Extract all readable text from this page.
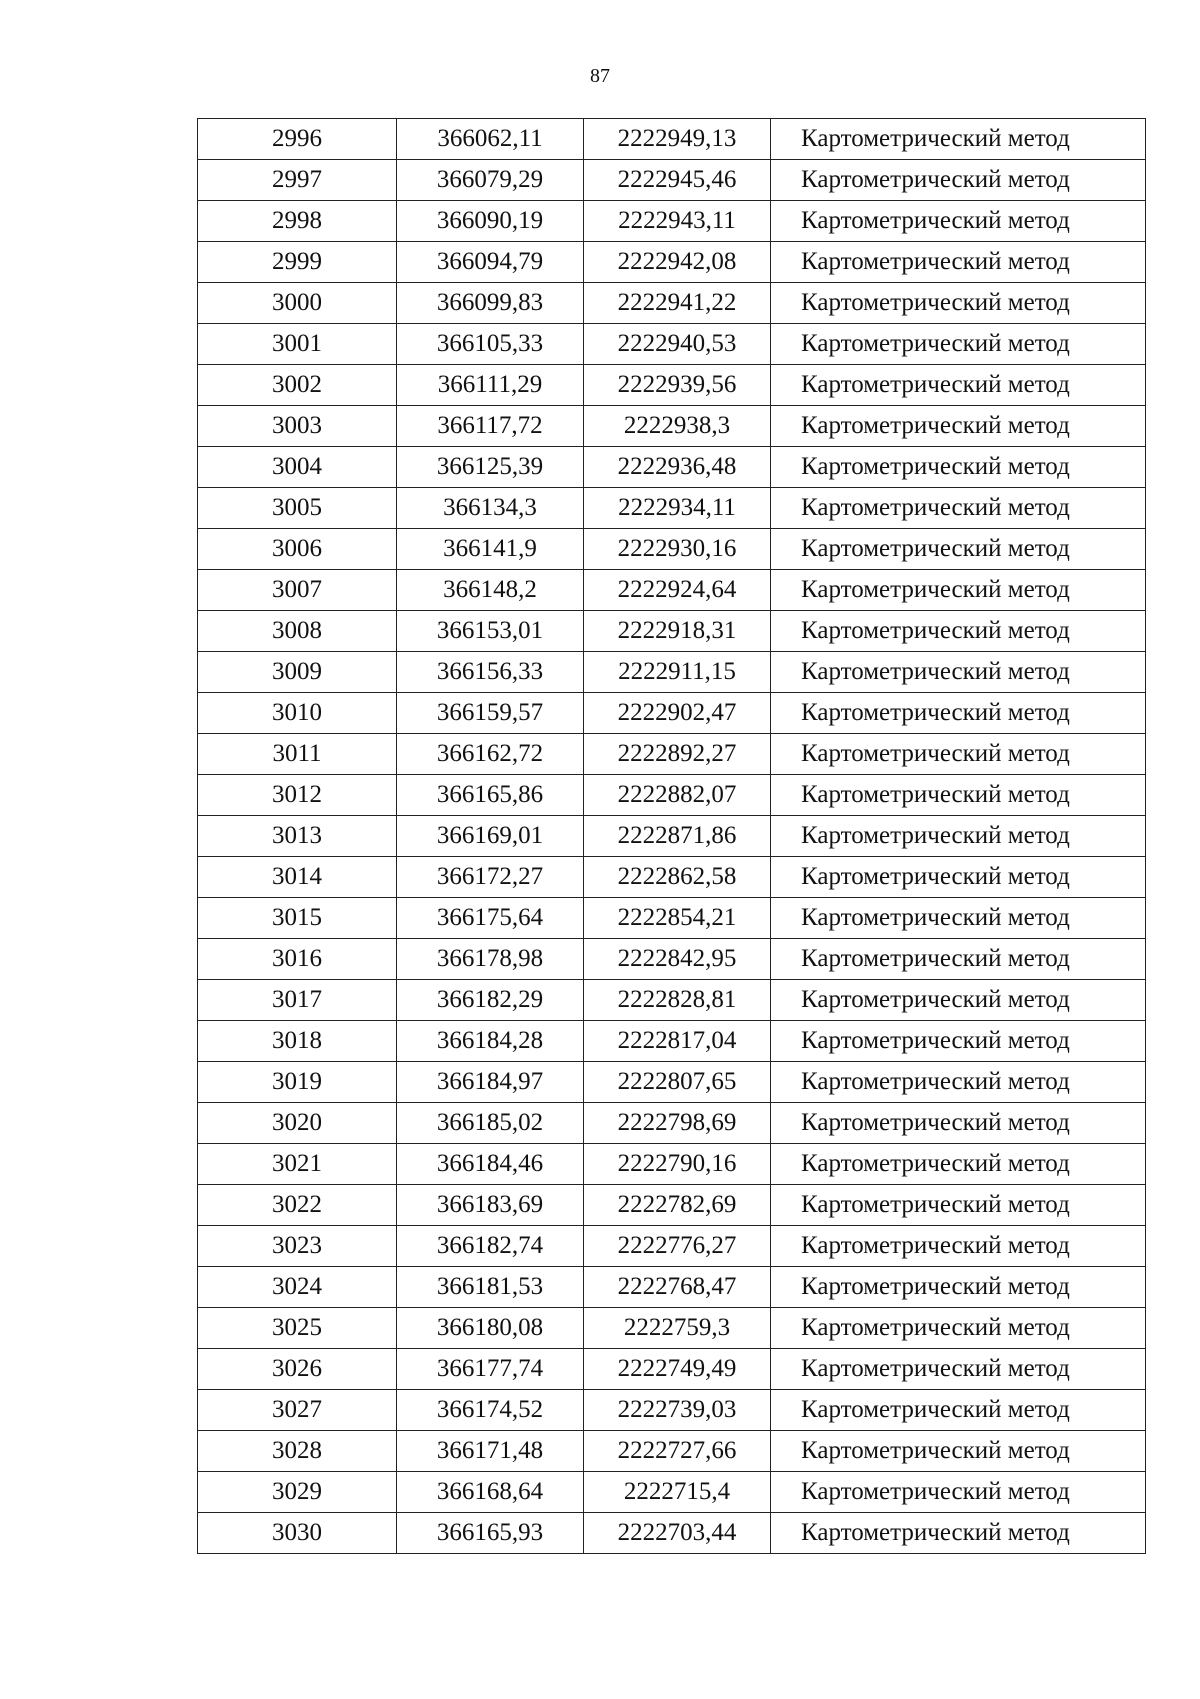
87
2996	366062,11	2222949,13	Картометрический метод
2997	366079,29	2222945,46	Картометрический метод
2998	366090,19	2222943,11	Картометрический метод
2999	366094,79	2222942,08	Картометрический метод
3000	366099,83	2222941,22	Картометрический метод
3001	366105,33	2222940,53	Картометрический метод
3002	366111,29	2222939,56	Картометрический метод
3003	366117,72	2222938,3	Картометрический метод
3004	366125,39	2222936,48	Картометрический метод
3005	366134,3	2222934,11	Картометрический метод
3006	366141,9	2222930,16	Картометрический метод
3007	366148,2	2222924,64	Картометрический метод
3008	366153,01	2222918,31	Картометрический метод
3009	366156,33	2222911,15	Картометрический метод
3010	366159,57	2222902,47	Картометрический метод
3011	366162,72	2222892,27	Картометрический метод
3012	366165,86	2222882,07	Картометрический метод
3013	366169,01	2222871,86	Картометрический метод
3014	366172,27	2222862,58	Картометрический метод
3015	366175,64	2222854,21	Картометрический метод
3016	366178,98	2222842,95	Картометрический метод
3017	366182,29	2222828,81	Картометрический метод
3018	366184,28	2222817,04	Картометрический метод
3019	366184,97	2222807,65	Картометрический метод
3020	366185,02	2222798,69	Картометрический метод
3021	366184,46	2222790,16	Картометрический метод
3022	366183,69	2222782,69	Картометрический метод
3023	366182,74	2222776,27	Картометрический метод
3024	366181,53	2222768,47	Картометрический метод
3025	366180,08	2222759,3	Картометрический метод
3026	366177,74	2222749,49	Картометрический метод
3027	366174,52	2222739,03	Картометрический метод
3028	366171,48	2222727,66	Картометрический метод
3029	366168,64	2222715,4	Картометрический метод
3030	366165,93	2222703,44	Картометрический метод
